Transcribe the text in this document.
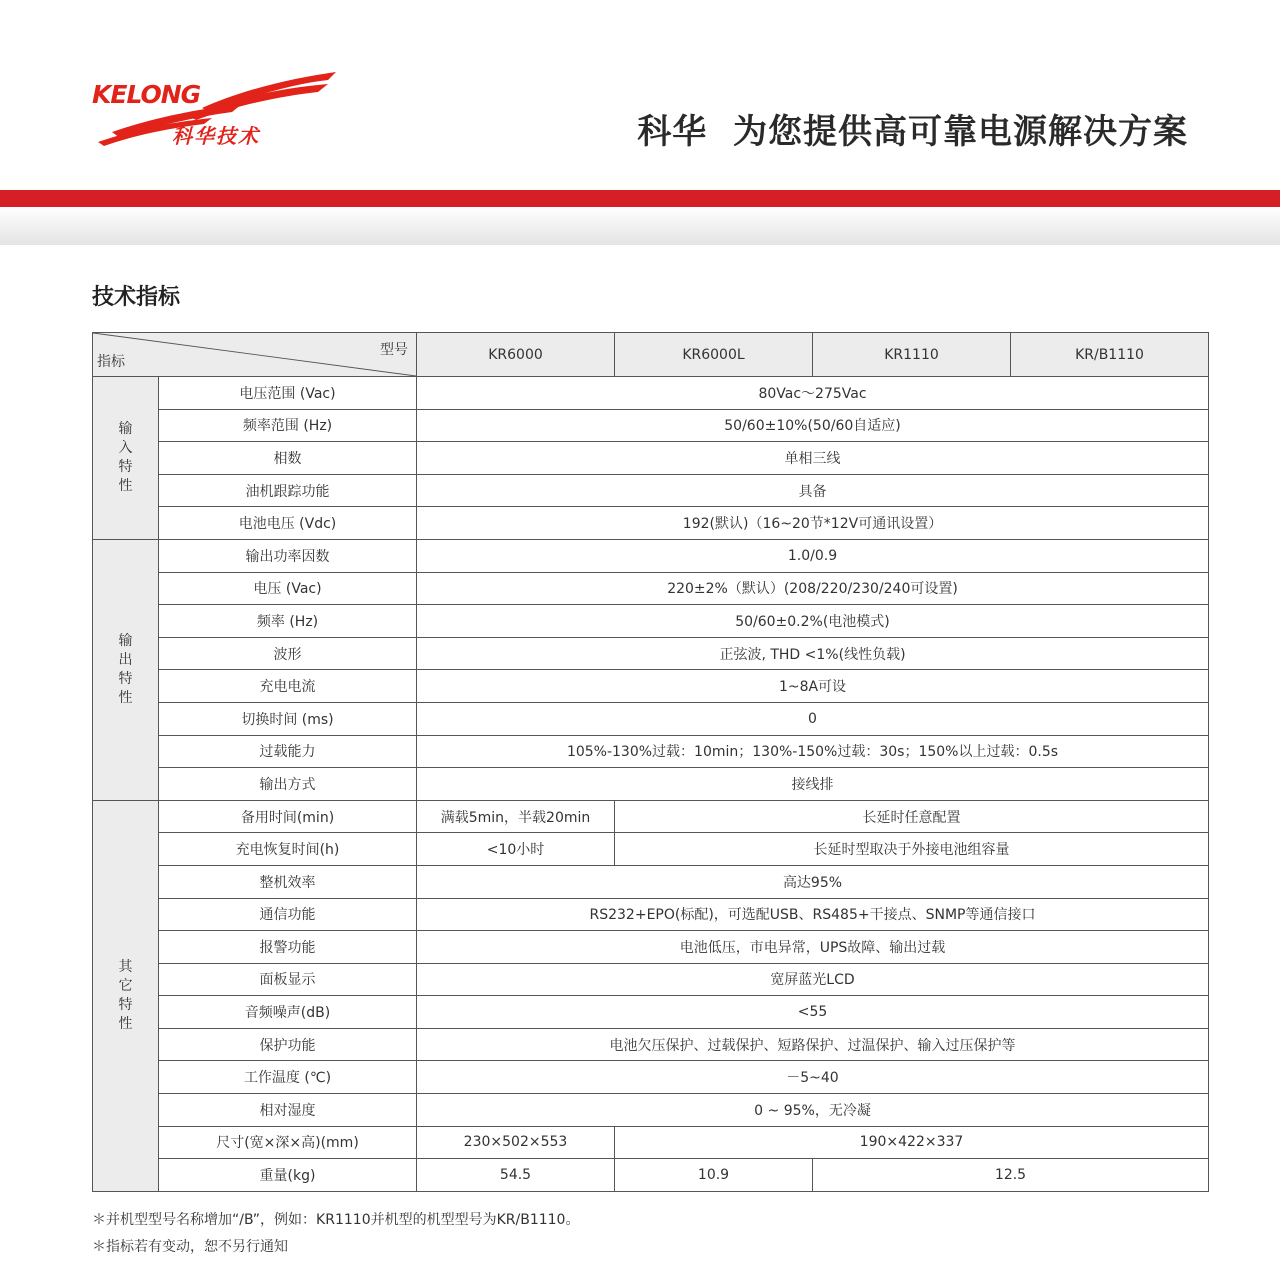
KELONG
科华技术	科华  为您提供高可靠电源解决方案
技术指标
型号
指标		KR6000	KR6000L	KR1110	KR/B1110
输入特性	电压范围 (Vac)	80Vac～275Vac			
	频率范围 (Hz)	50/60±10%(50/60自适应)			
	相数	单相三线			
	油机跟踪功能	具备			
	电池电压 (Vdc)	192(默认)（16~20节*12V可通讯设置）			
输出特性	输出功率因数	1.0/0.9			
	电压 (Vac)	220±2%（默认）(208/220/230/240可设置)			
	频率 (Hz)	50/60±0.2%(电池模式)			
	波形	正弦波, THD <1%(线性负载)			
	充电电流	1~8A可设			
	切换时间 (ms)	0			
	过载能力	105%-130%过载：10min；130%-150%过载：30s；150%以上过载：0.5s			
	输出方式	接线排			
其它特性	备用时间(min)	满载5min，半载20min	长延时任意配置		
	充电恢复时间(h)	<10小时	长延时型取决于外接电池组容量		
	整机效率	高达95%			
	通信功能	RS232+EPO(标配)，可选配USB、RS485+干接点、SNMP等通信接口			
	报警功能	电池低压，市电异常，UPS故障、输出过载			
	面板显示	宽屏蓝光LCD			
	音频噪声(dB)	<55			
	保护功能	电池欠压保护、过载保护、短路保护、过温保护、输入过压保护等			
	工作温度 (℃)	－5~40			
	相对湿度	0 ~ 95%，无冷凝			
	尺寸(宽×深×高)(mm)	230×502×553	190×422×337		
	重量(kg)	54.5	10.9	12.5	
＊并机型型号名称增加“/B”，例如：KR1110并机型的机型型号为KR/B1110。
＊指标若有变动，恕不另行通知
